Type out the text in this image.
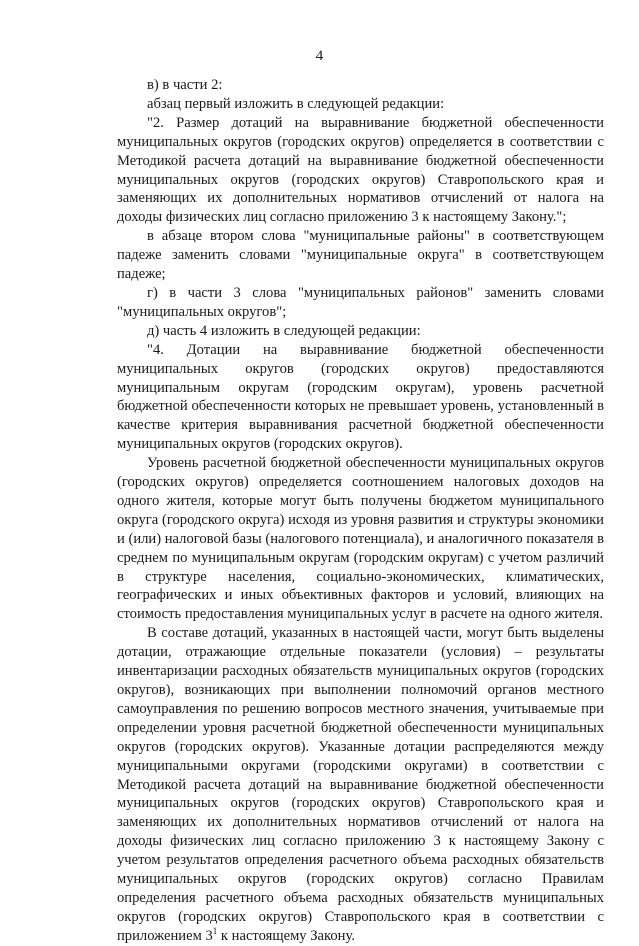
4

в) в части 2:

абзац первый изложить в следующей редакции:

"2. Размер дотаций на выравнивание бюджетной обеспеченности муниципальных округов (городских округов) определяется в соответствии с Методикой расчета дотаций на выравнивание бюджетной обеспеченности муниципальных округов (городских округов) Ставропольского края и заменяющих их дополнительных нормативов отчислений от налога на доходы физических лиц согласно приложению 3 к настоящему Закону.";

в абзаце втором слова "муниципальные районы" в соответствующем падеже заменить словами "муниципальные округа" в соответствующем падеже;

г) в части 3 слова "муниципальных районов" заменить словами "муниципальных округов";

д) часть 4 изложить в следующей редакции:

"4. Дотации на выравнивание бюджетной обеспеченности муниципальных округов (городских округов) предоставляются муниципальным округам (городским округам), уровень расчетной бюджетной обеспеченности которых не превышает уровень, установленный в качестве критерия выравнивания расчетной бюджетной обеспеченности муниципальных округов (городских округов).

Уровень расчетной бюджетной обеспеченности муниципальных округов (городских округов) определяется соотношением налоговых доходов на одного жителя, которые могут быть получены бюджетом муниципального округа (городского округа) исходя из уровня развития и структуры экономики и (или) налоговой базы (налогового потенциала), и аналогичного показателя в среднем по муниципальным округам (городским округам) с учетом различий в структуре населения, социально-экономических, климатических, географических и иных объективных факторов и условий, влияющих на стоимость предоставления муниципальных услуг в расчете на одного жителя.

В составе дотаций, указанных в настоящей части, могут быть выделены дотации, отражающие отдельные показатели (условия) – результаты инвентаризации расходных обязательств муниципальных округов (городских округов), возникающих при выполнении полномочий органов местного самоуправления по решению вопросов местного значения, учитываемые при определении уровня расчетной бюджетной обеспеченности муниципальных округов (городских округов). Указанные дотации распределяются между муниципальными округами (городскими округами) в соответствии с Методикой расчета дотаций на выравнивание бюджетной обеспеченности муниципальных округов (городских округов) Ставропольского края и заменяющих их дополнительных нормативов отчислений от налога на доходы физических лиц согласно приложению 3 к настоящему Закону с учетом результатов определения расчетного объема расходных обязательств муниципальных округов (городских округов) согласно Правилам определения расчетного объема расходных обязательств муниципальных округов (городских округов) Ставропольского края в соответствии с приложением $3^1$ к настоящему Закону.
